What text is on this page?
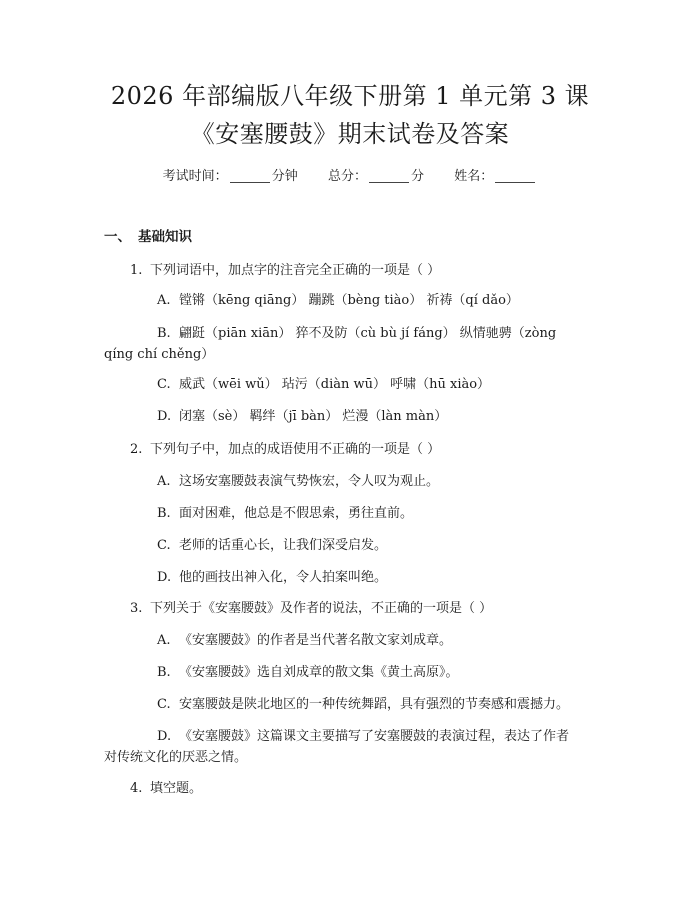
2026 年部编版八年级下册第 1 单元第 3 课
《安塞腰鼓》期末试卷及答案
考试时间：	分钟 总分：	分 姓名：
一、 基础知识
1. 下列词语中，加点字的注音完全正确的一项是（ ）
A. 镗锵（kēng qiāng） 蹦跳（bèng tiào） 祈祷（qí dǎo）
B. 翩跹（piān xiān） 猝不及防（cù bù jí fáng） 纵情驰骋（zòng
qíng chí chěng）
C. 威武（wēi wǔ） 玷污（diàn wū） 呼啸（hū xiào）
D. 闭塞（sè） 羁绊（jī bàn） 烂漫（làn màn）
2. 下列句子中，加点的成语使用不正确的一项是（ ）
A. 这场安塞腰鼓表演气势恢宏，令人叹为观止。
B. 面对困难，他总是不假思索，勇往直前。
C. 老师的话重心长，让我们深受启发。
D. 他的画技出神入化，令人拍案叫绝。
3. 下列关于《安塞腰鼓》及作者的说法，不正确的一项是（ ）
A. 《安塞腰鼓》的作者是当代著名散文家刘成章。
B. 《安塞腰鼓》选自刘成章的散文集《黄土高原》。
C. 安塞腰鼓是陕北地区的一种传统舞蹈，具有强烈的节奏感和震撼力。
D. 《安塞腰鼓》这篇课文主要描写了安塞腰鼓的表演过程，表达了作者
对传统文化的厌恶之情。
4. 填空题。
